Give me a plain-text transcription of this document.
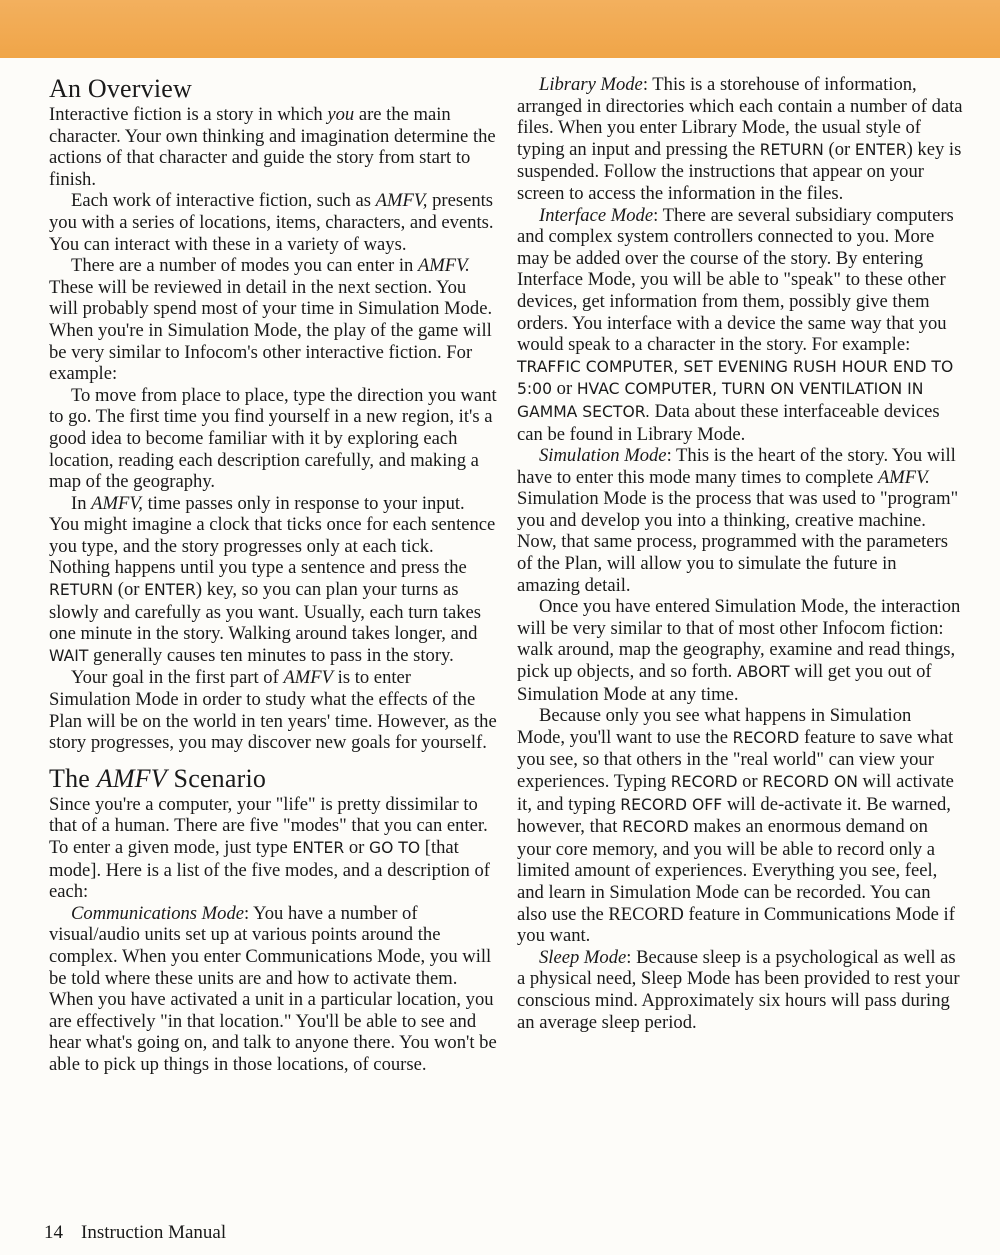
An Overview

Interactive fiction is a story in which you are the main character. Your own thinking and imagination determine the actions of that character and guide the story from start to finish.

Each work of interactive fiction, such as AMFV, presents you with a series of locations, items, characters, and events. You can interact with these in a variety of ways.

There are a number of modes you can enter in AMFV. These will be reviewed in detail in the next section. You will probably spend most of your time in Simulation Mode. When you're in Simulation Mode, the play of the game will be very similar to Infocom's other interactive fiction. For example:

To move from place to place, type the direction you want to go. The first time you find yourself in a new region, it's a good idea to become familiar with it by exploring each location, reading each description carefully, and making a map of the geography.

In AMFV, time passes only in response to your input. You might imagine a clock that ticks once for each sentence you type, and the story progresses only at each tick. Nothing happens until you type a sentence and press the RETURN (or ENTER) key, so you can plan your turns as slowly and carefully as you want. Usually, each turn takes one minute in the story. Walking around takes longer, and WAIT generally causes ten minutes to pass in the story.

Your goal in the first part of AMFV is to enter Simulation Mode in order to study what the effects of the Plan will be on the world in ten years' time. However, as the story progresses, you may discover new goals for yourself.

The AMFV Scenario

Since you're a computer, your "life" is pretty dissimilar to that of a human. There are five "modes" that you can enter. To enter a given mode, just type ENTER or GO TO [that mode]. Here is a list of the five modes, and a description of each:

Communications Mode: You have a number of visual/audio units set up at various points around the complex. When you enter Communications Mode, you will be told where these units are and how to activate them. When you have activated a unit in a particular location, you are effectively "in that location." You'll be able to see and hear what's going on, and talk to anyone there. You won't be able to pick up things in those locations, of course.

Library Mode: This is a storehouse of information, arranged in directories which each contain a number of data files. When you enter Library Mode, the usual style of typing an input and pressing the RETURN (or ENTER) key is suspended. Follow the instructions that appear on your screen to access the information in the files.

Interface Mode: There are several subsidiary computers and complex system controllers connected to you. More may be added over the course of the story. By entering Interface Mode, you will be able to "speak" to these other devices, get information from them, possibly give them orders. You interface with a device the same way that you would speak to a character in the story. For example: TRAFFIC COMPUTER, SET EVENING RUSH HOUR END TO 5:00 or HVAC COMPUTER, TURN ON VENTILATION IN GAMMA SECTOR. Data about these interfaceable devices can be found in Library Mode.

Simulation Mode: This is the heart of the story. You will have to enter this mode many times to complete AMFV. Simulation Mode is the process that was used to "program" you and develop you into a thinking, creative machine. Now, that same process, programmed with the parameters of the Plan, will allow you to simulate the future in amazing detail.

Once you have entered Simulation Mode, the interaction will be very similar to that of most other Infocom fiction: walk around, map the geography, examine and read things, pick up objects, and so forth. ABORT will get you out of Simulation Mode at any time.

Because only you see what happens in Simulation Mode, you'll want to use the RECORD feature to save what you see, so that others in the "real world" can view your experiences. Typing RECORD or RECORD ON will activate it, and typing RECORD OFF will de-activate it. Be warned, however, that RECORD makes an enormous demand on your core memory, and you will be able to record only a limited amount of experiences. Everything you see, feel, and learn in Simulation Mode can be recorded. You can also use the RECORD feature in Communications Mode if you want.

Sleep Mode: Because sleep is a psychological as well as a physical need, Sleep Mode has been provided to rest your conscious mind. Approximately six hours will pass during an average sleep period.

14 Instruction Manual
